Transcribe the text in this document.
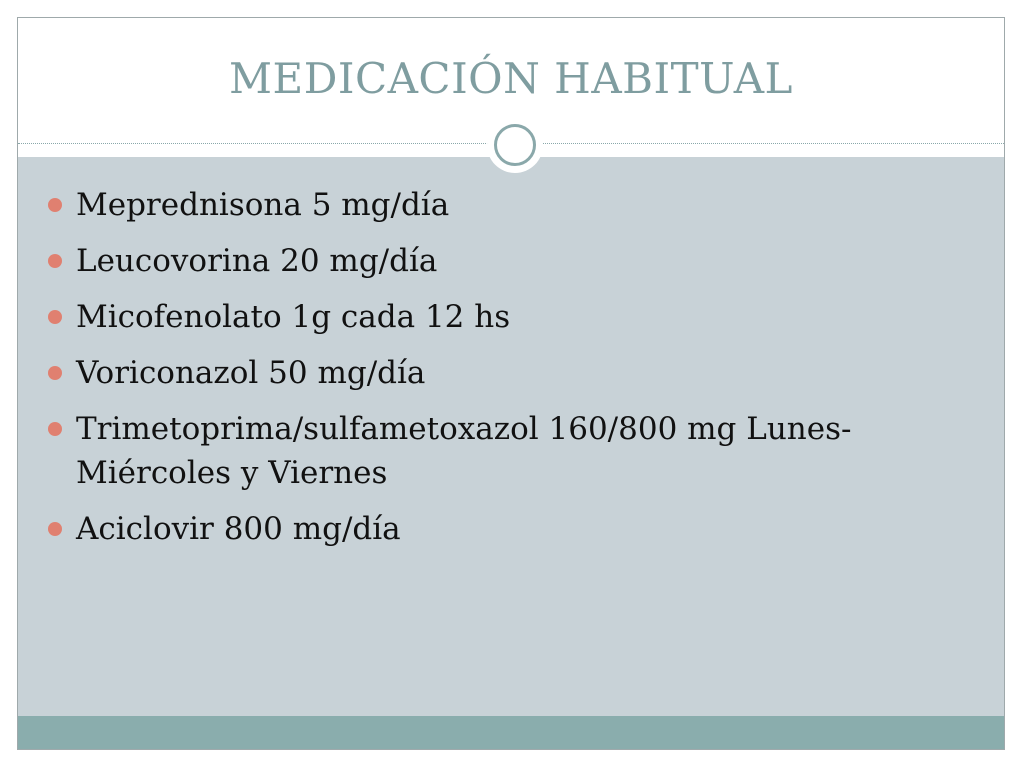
MEDICACIÓN HABITUAL
Meprednisona 5 mg/día
Leucovorina 20 mg/día
Micofenolato 1g cada 12 hs
Voriconazol 50 mg/día
Trimetoprima/sulfametoxazol 160/800 mg Lunes-Miércoles y Viernes
Aciclovir 800 mg/día
